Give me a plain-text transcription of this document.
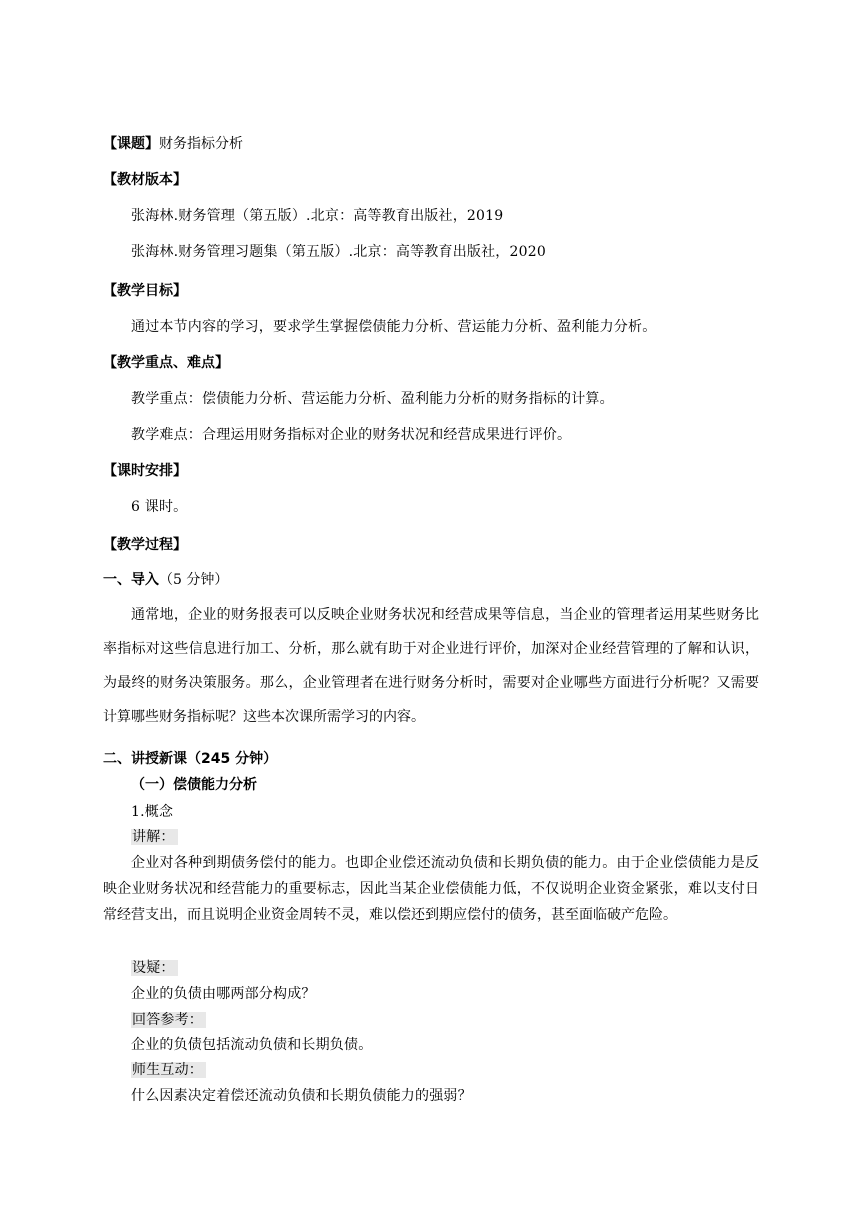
【课题】财务指标分析

【教材版本】

张海林.财务管理（第五版）.北京：高等教育出版社，2019

张海林.财务管理习题集（第五版）.北京：高等教育出版社，2020

【教学目标】

通过本节内容的学习，要求学生掌握偿债能力分析、营运能力分析、盈利能力分析。

【教学重点、难点】

教学重点：偿债能力分析、营运能力分析、盈利能力分析的财务指标的计算。

教学难点：合理运用财务指标对企业的财务状况和经营成果进行评价。

【课时安排】

6 课时。

【教学过程】

一、导入（5 分钟）

通常地，企业的财务报表可以反映企业财务状况和经营成果等信息，当企业的管理者运用某些财务比率指标对这些信息进行加工、分析，那么就有助于对企业进行评价，加深对企业经营管理的了解和认识，为最终的财务决策服务。那么，企业管理者在进行财务分析时，需要对企业哪些方面进行分析呢？又需要计算哪些财务指标呢？这些本次课所需学习的内容。

二、讲授新课（245 分钟）

（一）偿债能力分析

1.概念

讲解：

企业对各种到期债务偿付的能力。也即企业偿还流动负债和长期负债的能力。由于企业偿债能力是反映企业财务状况和经营能力的重要标志，因此当某企业偿债能力低，不仅说明企业资金紧张，难以支付日常经营支出，而且说明企业资金周转不灵，难以偿还到期应偿付的债务，甚至面临破产危险。

设疑：

企业的负债由哪两部分构成？

回答参考：

企业的负债包括流动负债和长期负债。

师生互动：

什么因素决定着偿还流动负债和长期负债能力的强弱？
